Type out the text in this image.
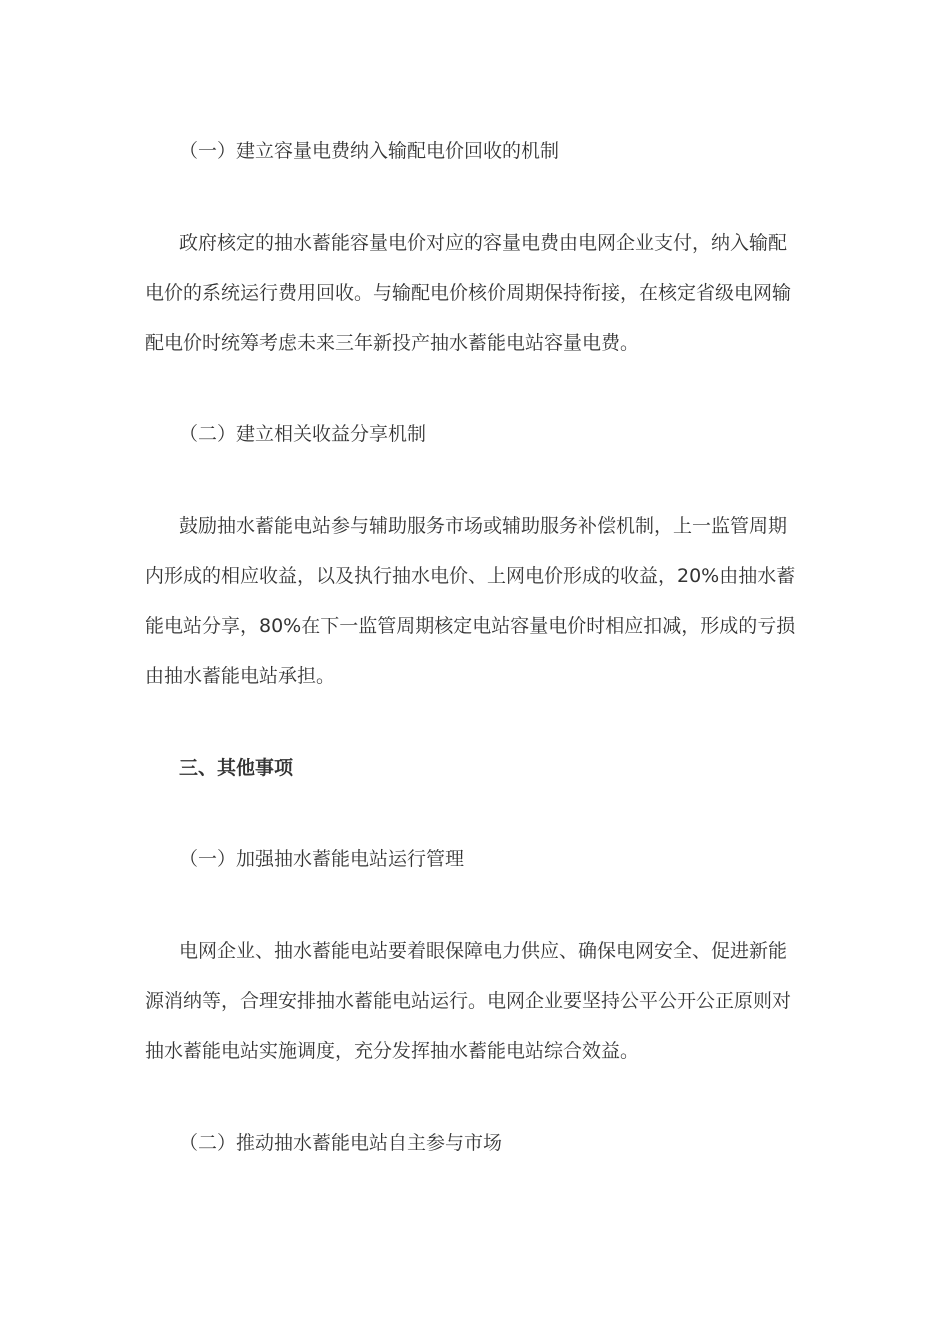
（一）建立容量电费纳入输配电价回收的机制
政府核定的抽水蓄能容量电价对应的容量电费由电网企业支付，纳入输配
电价的系统运行费用回收。与输配电价核价周期保持衔接，在核定省级电网输
配电价时统筹考虑未来三年新投产抽水蓄能电站容量电费。
（二）建立相关收益分享机制
鼓励抽水蓄能电站参与辅助服务市场或辅助服务补偿机制，上一监管周期
内形成的相应收益，以及执行抽水电价、上网电价形成的收益，20%由抽水蓄
能电站分享，80%在下一监管周期核定电站容量电价时相应扣减，形成的亏损
由抽水蓄能电站承担。
三、其他事项
（一）加强抽水蓄能电站运行管理
电网企业、抽水蓄能电站要着眼保障电力供应、确保电网安全、促进新能
源消纳等，合理安排抽水蓄能电站运行。电网企业要坚持公平公开公正原则对
抽水蓄能电站实施调度，充分发挥抽水蓄能电站综合效益。
（二）推动抽水蓄能电站自主参与市场
